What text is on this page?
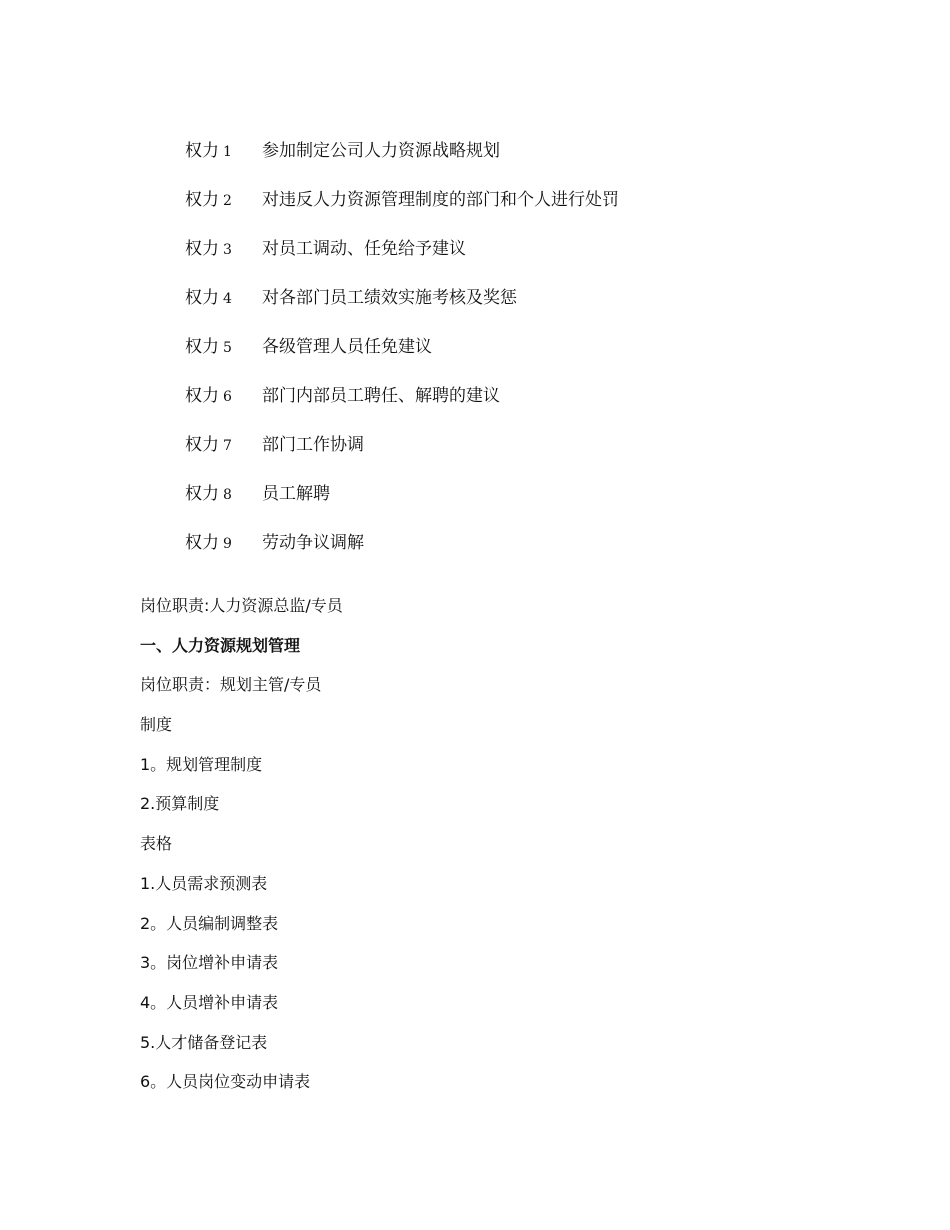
权力 1	参加制定公司人力资源战略规划
权力 2	对违反人力资源管理制度的部门和个人进行处罚
权力 3	对员工调动、任免给予建议
权力 4	对各部门员工绩效实施考核及奖惩
权力 5	各级管理人员任免建议
权力 6	部门内部员工聘任、解聘的建议
权力 7	部门工作协调
权力 8	员工解聘
权力 9	劳动争议调解
岗位职责:人力资源总监/专员
一、人力资源规划管理
岗位职责：规划主管/专员
制度
1。规划管理制度
2.预算制度
表格
1.人员需求预测表
2。人员编制调整表
3。岗位增补申请表
4。人员增补申请表
5.人才储备登记表
6。人员岗位变动申请表
